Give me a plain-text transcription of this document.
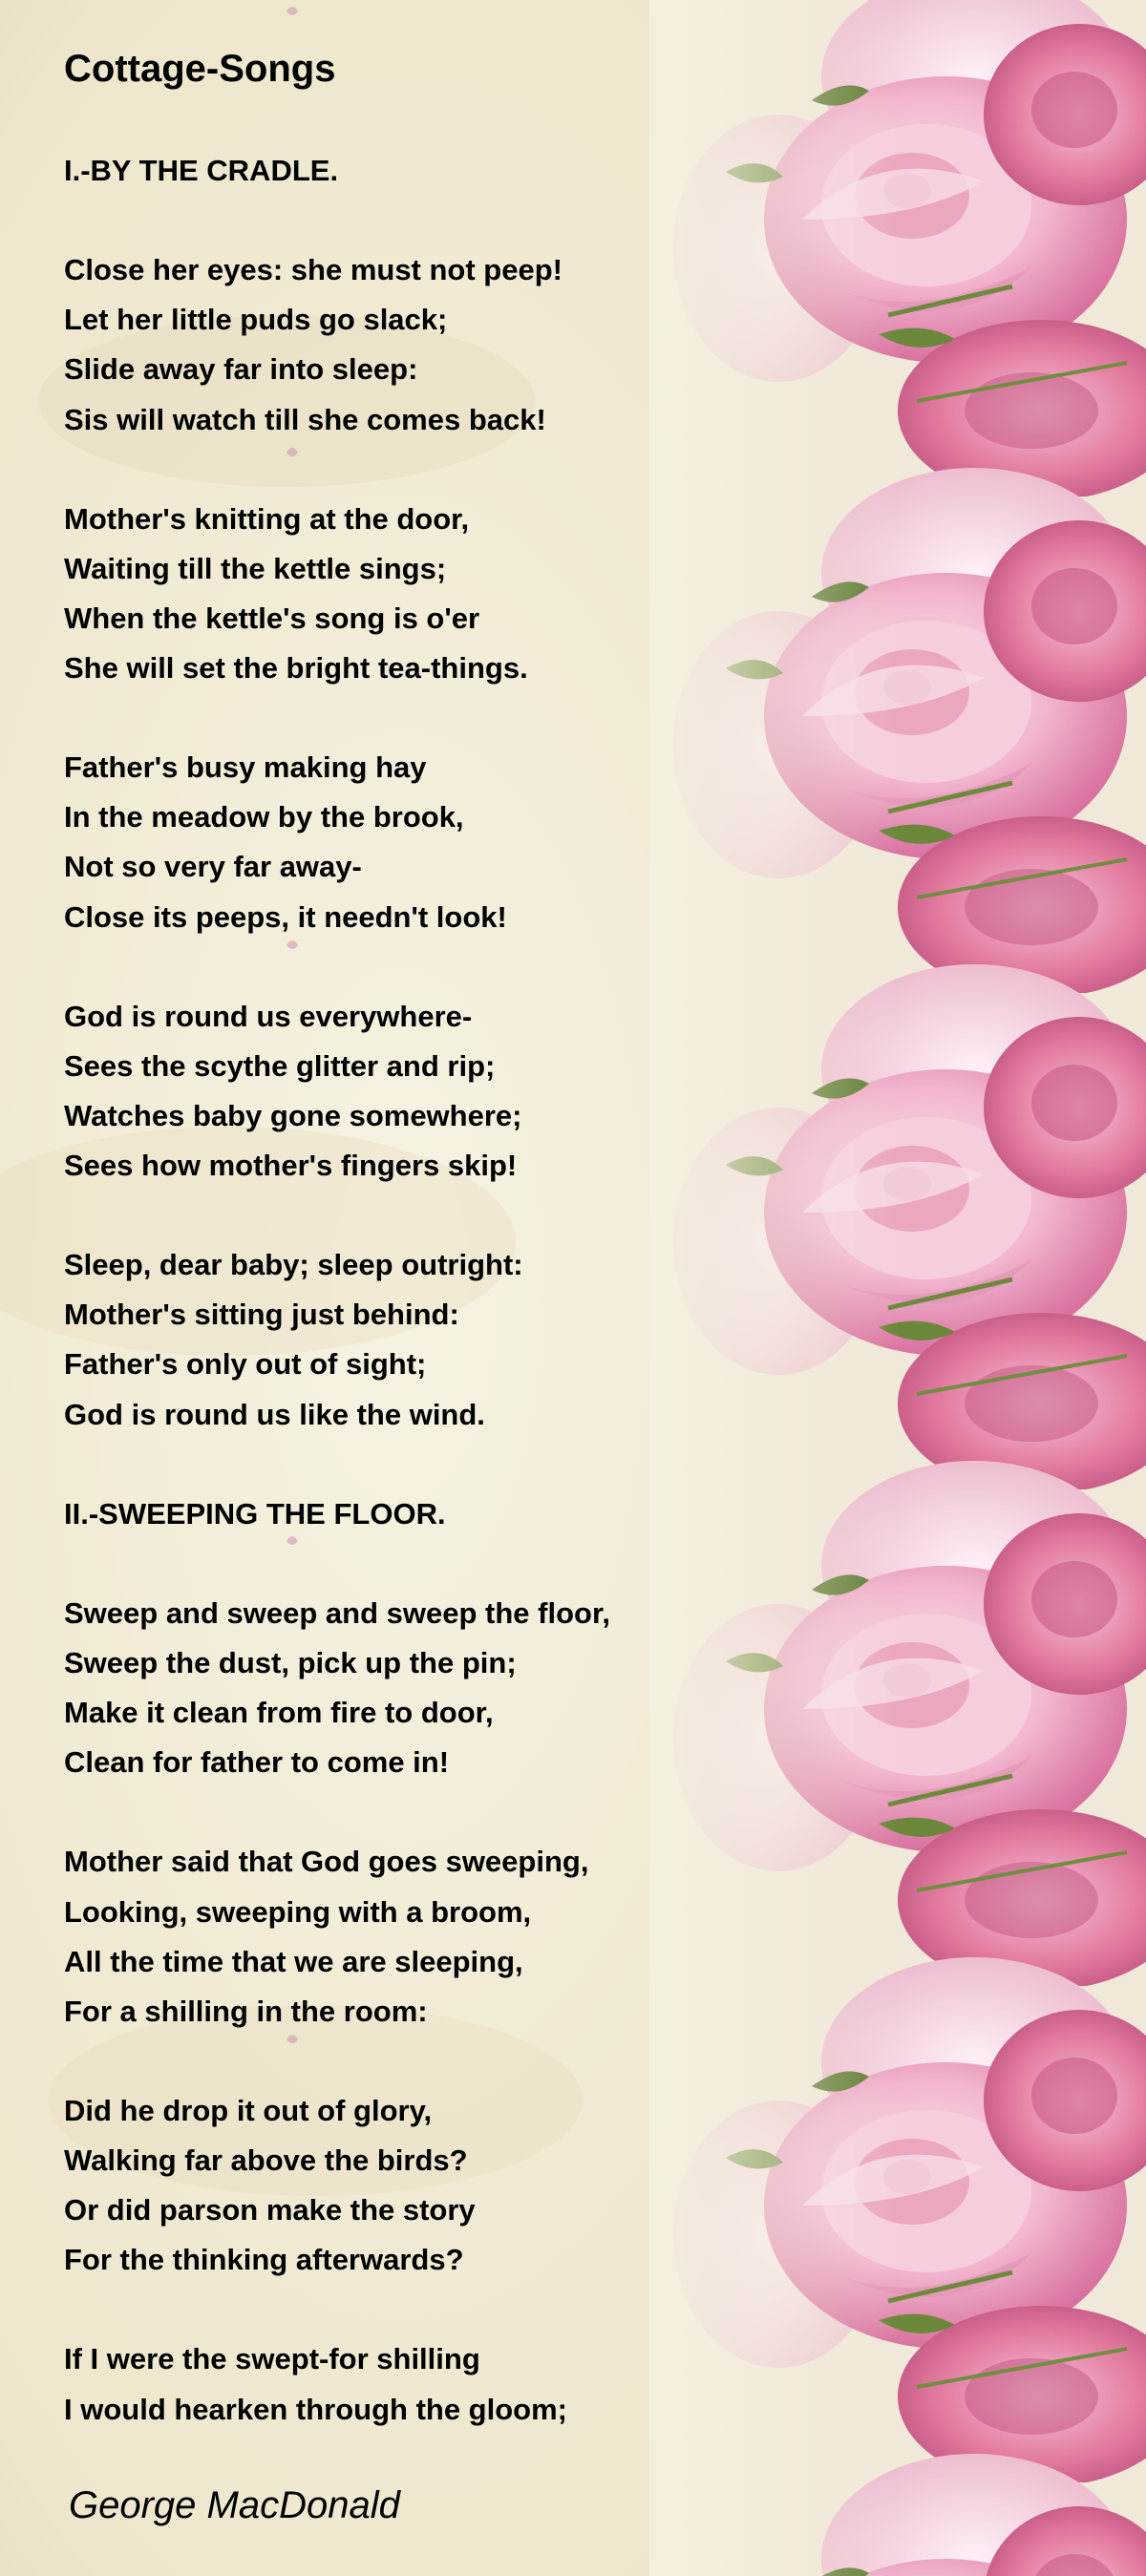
Cottage-Songs
I.-BY THE CRADLE.
Close her eyes: she must not peep!
Let her little puds go slack;
Slide away far into sleep:
Sis will watch till she comes back!
Mother's knitting at the door,
Waiting till the kettle sings;
When the kettle's song is o'er
She will set the bright tea-things.
Father's busy making hay
In the meadow by the brook,
Not so very far away-
Close its peeps, it needn't look!
God is round us everywhere-
Sees the scythe glitter and rip;
Watches baby gone somewhere;
Sees how mother's fingers skip!
Sleep, dear baby; sleep outright:
Mother's sitting just behind:
Father's only out of sight;
God is round us like the wind.
II.-SWEEPING THE FLOOR.
Sweep and sweep and sweep the floor,
Sweep the dust, pick up the pin;
Make it clean from fire to door,
Clean for father to come in!
Mother said that God goes sweeping,
Looking, sweeping with a broom,
All the time that we are sleeping,
For a shilling in the room:
Did he drop it out of glory,
Walking far above the birds?
Or did parson make the story
For the thinking afterwards?
If I were the swept-for shilling
I would hearken through the gloom;
George MacDonald
